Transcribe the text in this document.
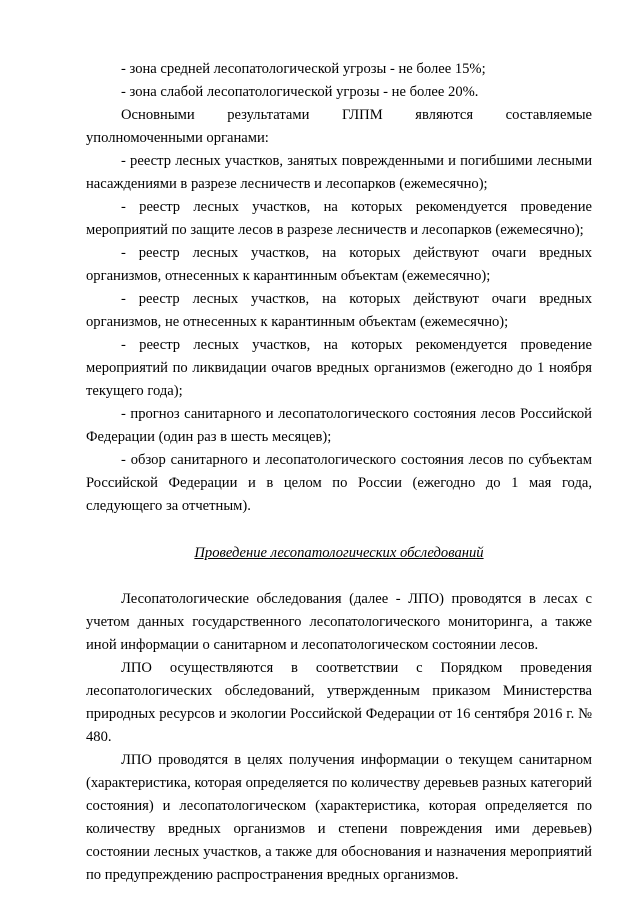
- зона средней лесопатологической угрозы - не более 15%;

- зона слабой лесопатологической угрозы - не более 20%.

Основными результатами ГЛПМ являются составляемые уполномоченными органами:

- реестр лесных участков, занятых поврежденными и погибшими лесными насаждениями в разрезе лесничеств и лесопарков (ежемесячно);

- реестр лесных участков, на которых рекомендуется проведение мероприятий по защите лесов в разрезе лесничеств и лесопарков (ежемесячно);

- реестр лесных участков, на которых действуют очаги вредных организмов, отнесенных к карантинным объектам (ежемесячно);

- реестр лесных участков, на которых действуют очаги вредных организмов, не отнесенных к карантинным объектам (ежемесячно);

- реестр лесных участков, на которых рекомендуется проведение мероприятий по ликвидации очагов вредных организмов (ежегодно до 1 ноября текущего года);

- прогноз санитарного и лесопатологического состояния лесов Российской Федерации (один раз в шесть месяцев);

- обзор санитарного и лесопатологического состояния лесов по субъектам Российской Федерации и в целом по России (ежегодно до 1 мая года, следующего за отчетным).

Проведение лесопатологических обследований

Лесопатологические обследования (далее - ЛПО) проводятся в лесах с учетом данных государственного лесопатологического мониторинга, а также иной информации о санитарном и лесопатологическом состоянии лесов.

ЛПО осуществляются в соответствии с Порядком проведения лесопатологических обследований, утвержденным приказом Министерства природных ресурсов и экологии Российской Федерации от 16 сентября 2016 г. № 480.

ЛПО проводятся в целях получения информации о текущем санитарном (характеристика, которая определяется по количеству деревьев разных категорий состояния) и лесопатологическом (характеристика, которая определяется по количеству вредных организмов и степени повреждения ими деревьев) состоянии лесных участков, а также для обоснования и назначения мероприятий по предупреждению распространения вредных организмов.
